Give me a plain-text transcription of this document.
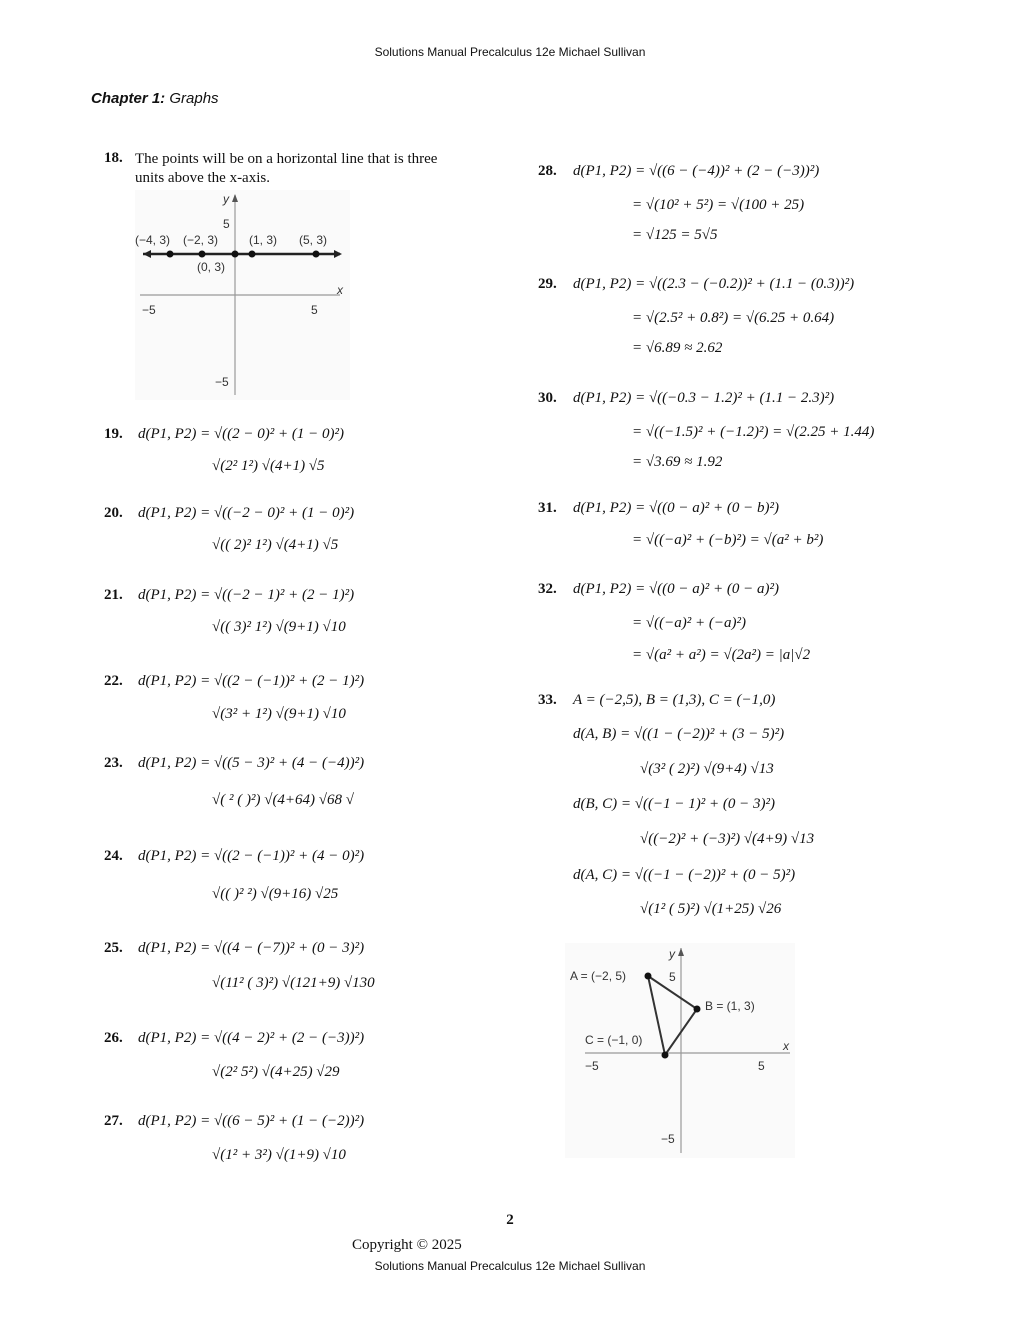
Solutions Manual Precalculus 12e Michael Sullivan
Chapter 1: Graphs
18. The points will be on a horizontal line that is three units above the x-axis.
y
5
(−4, 3) (−2, 3)	(1, 3) (5, 3)
(0, 3)
x
−5	5
−5
19. d(P1, P2) = √((2 − 0)² + (1 − 0)²)
√(2² 1²) √(4+1) √5
20. d(P1, P2) = √((−2 − 0)² + (1 − 0)²)
√(( 2)² 1²) √(4+1) √5
21. d(P1, P2) = √((−2 − 1)² + (2 − 1)²)
√(( 3)² 1²) √(9+1) √10
22. d(P1, P2) = √((2 − (−1))² + (2 − 1)²)
√(3² + 1²) √(9+1) √10
23. d(P1, P2) = √((5 − 3)² + (4 − (−4))²)
√( ² ( )²) √(4+64) √68 √
24. d(P1, P2) = √((2 − (−1))² + (4 − 0)²)
√(( )² ²) √(9+16) √25
25. d(P1, P2) = √((4 − (−7))² + (0 − 3)²)
√(11² ( 3)²) √(121+9) √130
26. d(P1, P2) = √((4 − 2)² + (2 − (−3))²)
√(2² 5²) √(4+25) √29
27. d(P1, P2) = √((6 − 5)² + (1 − (−2))²)
√(1² + 3²) √(1+9) √10
28. d(P1, P2) = √((6 − (−4))² + (2 − (−3))²)
= √(10² + 5²) = √(100 + 25)
= √125 = 5√5
29. d(P1, P2) = √((2.3 − (−0.2))² + (1.1 − (0.3))²)
= √(2.5² + 0.8²) = √(6.25 + 0.64)
= √6.89 ≈ 2.62
30. d(P1, P2) = √((−0.3 − 1.2)² + (1.1 − 2.3)²)
= √((−1.5)² + (−1.2)²) = √(2.25 + 1.44)
= √3.69 ≈ 1.92
31. d(P1, P2) = √((0 − a)² + (0 − b)²)
= √((−a)² + (−b)²) = √(a² + b²)
32. d(P1, P2) = √((0 − a)² + (0 − a)²)
= √((−a)² + (−a)²)
= √(a² + a²) = √(2a²) = |a|√2
33. A = (−2,5), B = (1,3), C = (−1,0)
d(A, B) = √((1 − (−2))² + (3 − 5)²)
√(3² ( 2)²) √(9+4) √13
d(B, C) = √((−1 − 1)² + (0 − 3)²)
√((−2)² + (−3)²) √(4+9) √13
d(A, C) = √((−1 − (−2))² + (0 − 5)²)
√(1² ( 5)²) √(1+25) √26
y
5
A = (−2, 5)
B = (1, 3)
C = (−1, 0)	x
−5	5
−5
2
Copyright © 2025
Solutions Manual Precalculus 12e Michael Sullivan
